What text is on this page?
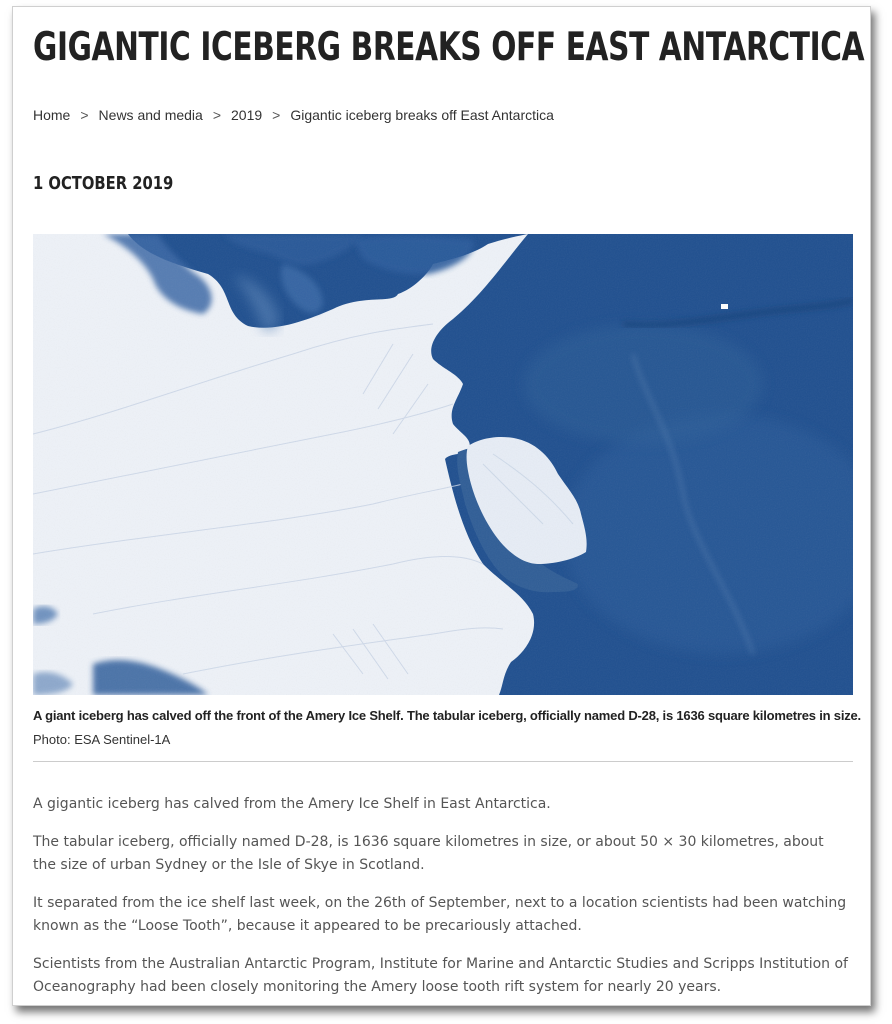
GIGANTIC ICEBERG BREAKS OFF EAST ANTARCTICA
Home > News and media > 2019 > Gigantic iceberg breaks off East Antarctica
1 OCTOBER 2019
A giant iceberg has calved off the front of the Amery Ice Shelf. The tabular iceberg, officially named D-28, is 1636 square kilometres in size.
Photo: ESA Sentinel-1A

A gigantic iceberg has calved from the Amery Ice Shelf in East Antarctica.

The tabular iceberg, officially named D-28, is 1636 square kilometres in size, or about 50 × 30 kilometres, about the size of urban Sydney or the Isle of Skye in Scotland.

It separated from the ice shelf last week, on the 26th of September, next to a location scientists had been watching known as the “Loose Tooth”, because it appeared to be precariously attached.

Scientists from the Australian Antarctic Program, Institute for Marine and Antarctic Studies and Scripps Institution of Oceanography had been closely monitoring the Amery loose tooth rift system for nearly 20 years.
